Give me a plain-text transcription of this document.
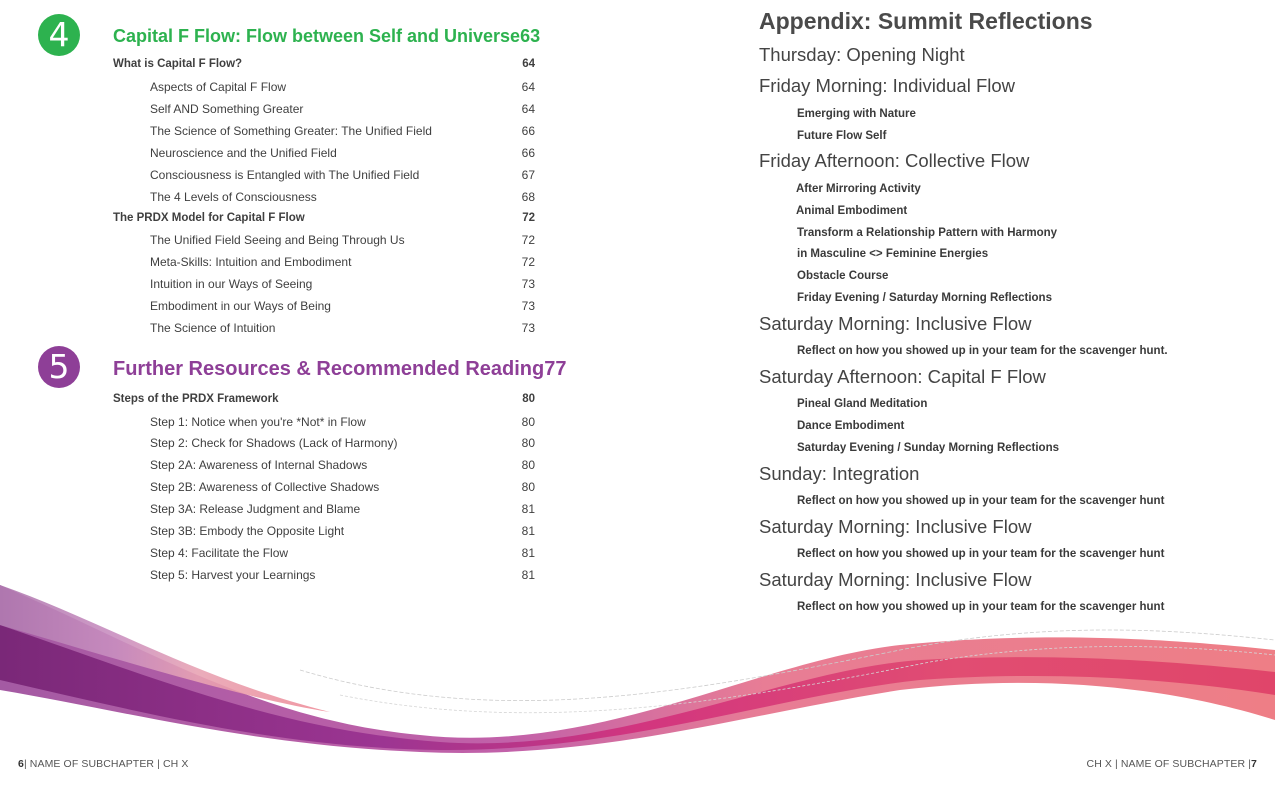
4	Capital F Flow: Flow between Self and Universe 63
What is Capital F Flow?	64
Aspects of Capital F Flow	64
Self AND Something Greater	64
The Science of Something Greater: The Unified Field	66
Neuroscience and the Unified Field	66
Consciousness is Entangled with The Unified Field	67
The 4 Levels of Consciousness	68
The PRDX Model for Capital F Flow	72
The Unified Field Seeing and Being Through Us	72
Meta-Skills: Intuition and Embodiment	72
Intuition in our Ways of Seeing	73
Embodiment in our Ways of Being	73
The Science of Intuition	73
5	Further Resources & Recommended Reading 77
Steps of the PRDX Framework	80
Step 1: Notice when you're *Not* in Flow	80
Step 2: Check for Shadows (Lack of Harmony)	80
Step 2A: Awareness of Internal Shadows	80
Step 2B: Awareness of Collective Shadows	80
Step 3A: Release Judgment and Blame	81
Step 3B: Embody the Opposite Light	81
Step 4: Facilitate the Flow	81
Step 5: Harvest your Learnings	81
6| NAME OF SUBCHAPTER | CH X
Appendix: Summit Reflections
Thursday: Opening Night
Friday Morning: Individual Flow
Emerging with Nature
Future Flow Self
Friday Afternoon: Collective Flow
After Mirroring Activity
Animal Embodiment
Transform a Relationship Pattern with Harmony
in Masculine <> Feminine Energies
Obstacle Course
Friday Evening / Saturday Morning Reflections
Saturday Morning: Inclusive Flow
Reflect on how you showed up in your team for the scavenger hunt.
Saturday Afternoon: Capital F Flow
Pineal Gland Meditation
Dance Embodiment
Saturday Evening / Sunday Morning Reflections
Sunday: Integration
Reflect on how you showed up in your team for the scavenger hunt
Saturday Morning: Inclusive Flow
Reflect on how you showed up in your team for the scavenger hunt
Saturday Morning: Inclusive Flow
Reflect on how you showed up in your team for the scavenger hunt
CH X | NAME OF SUBCHAPTER |7
